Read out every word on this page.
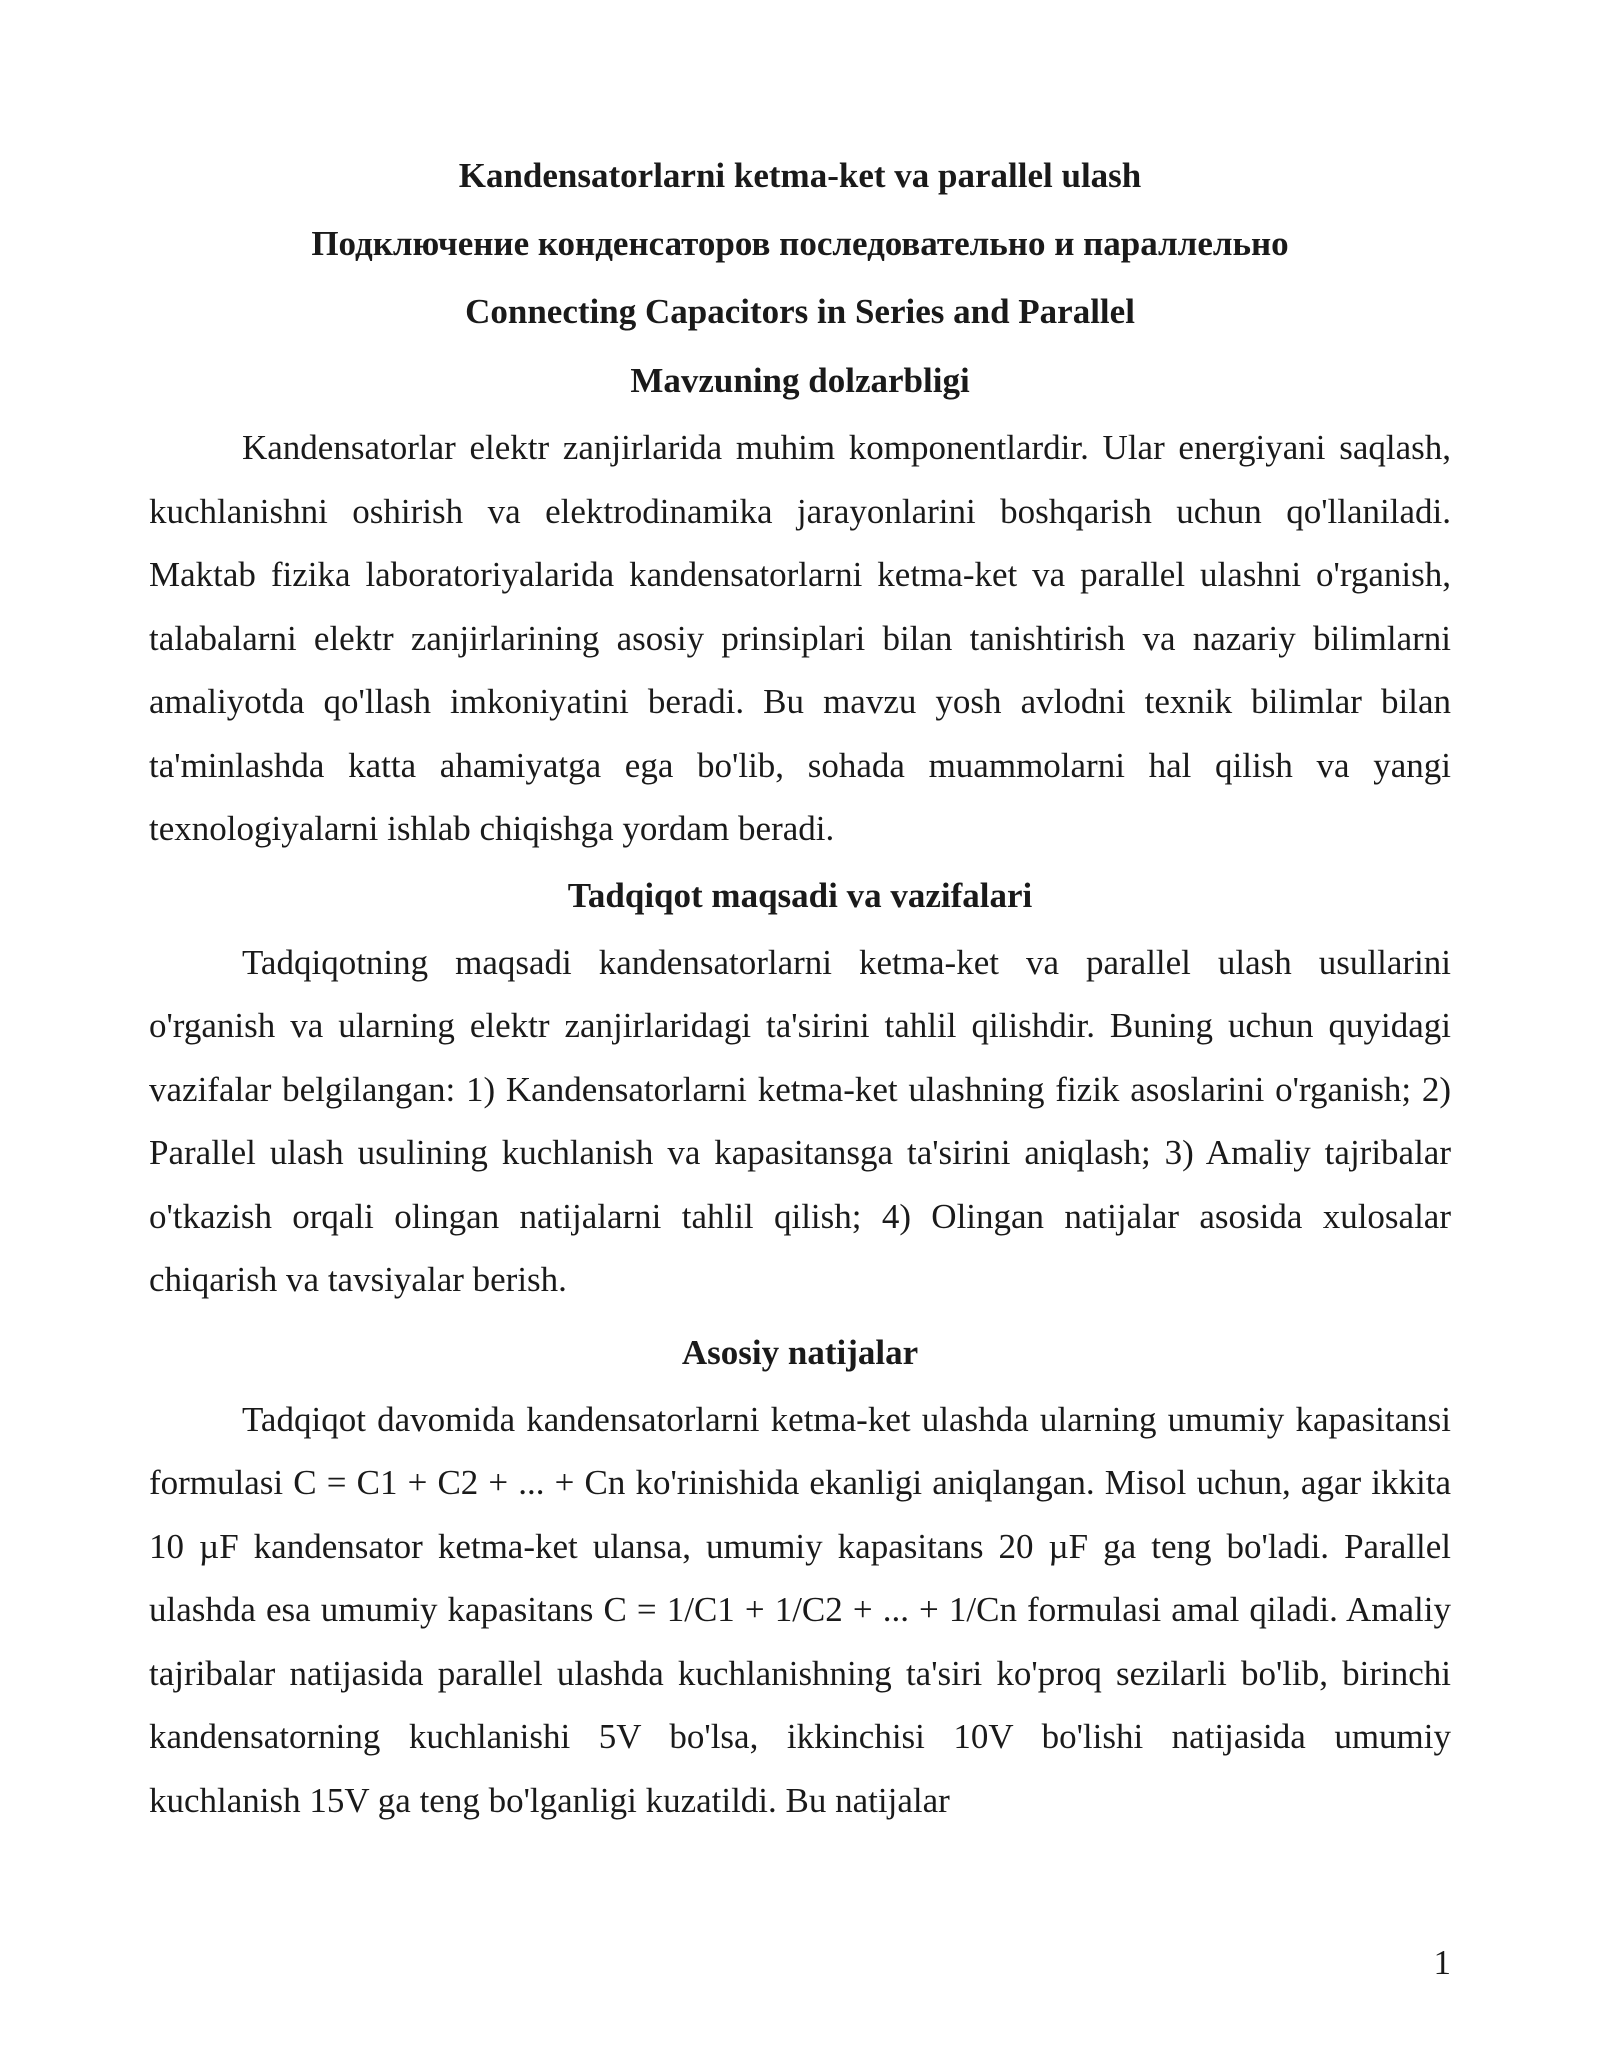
Kandensatorlarni ketma-ket va parallel ulash

Подключение конденсаторов последовательно и параллельно

Connecting Capacitors in Series and Parallel

Mavzuning dolzarbligi

Kandensatorlar elektr zanjirlarida muhim komponentlardir. Ular energiyani saqlash, kuchlanishni oshirish va elektrodinamika jarayonlarini boshqarish uchun qo'llaniladi. Maktab fizika laboratoriyalarida kandensatorlarni ketma-ket va parallel ulashni o'rganish, talabalarni elektr zanjirlarining asosiy prinsiplari bilan tanishtirish va nazariy bilimlarni amaliyotda qo'llash imkoniyatini beradi. Bu mavzu yosh avlodni texnik bilimlar bilan ta'minlashda katta ahamiyatga ega bo'lib, sohada muammolarni hal qilish va yangi texnologiyalarni ishlab chiqishga yordam beradi.

Tadqiqot maqsadi va vazifalari

Tadqiqotning maqsadi kandensatorlarni ketma-ket va parallel ulash usullarini o'rganish va ularning elektr zanjirlaridagi ta'sirini tahlil qilishdir. Buning uchun quyidagi vazifalar belgilangan: 1) Kandensatorlarni ketma-ket ulashning fizik asoslarini o'rganish; 2) Parallel ulash usulining kuchlanish va kapasitansga ta'sirini aniqlash; 3) Amaliy tajribalar o'tkazish orqali olingan natijalarni tahlil qilish; 4) Olingan natijalar asosida xulosalar chiqarish va tavsiyalar berish.

Asosiy natijalar

Tadqiqot davomida kandensatorlarni ketma-ket ulashda ularning umumiy kapasitansi formulasi C = C1 + C2 + ... + Cn ko'rinishida ekanligi aniqlangan. Misol uchun, agar ikkita 10 µF kandensator ketma-ket ulansa, umumiy kapasitans 20 µF ga teng bo'ladi. Parallel ulashda esa umumiy kapasitans C = 1/C1 + 1/C2 + ... + 1/Cn formulasi amal qiladi. Amaliy tajribalar natijasida parallel ulashda kuchlanishning ta'siri ko'proq sezilarli bo'lib, birinchi kandensatorning kuchlanishi 5V bo'lsa, ikkinchisi 10V bo'lishi natijasida umumiy kuchlanish 15V ga teng bo'lganligi kuzatildi. Bu natijalar

1
